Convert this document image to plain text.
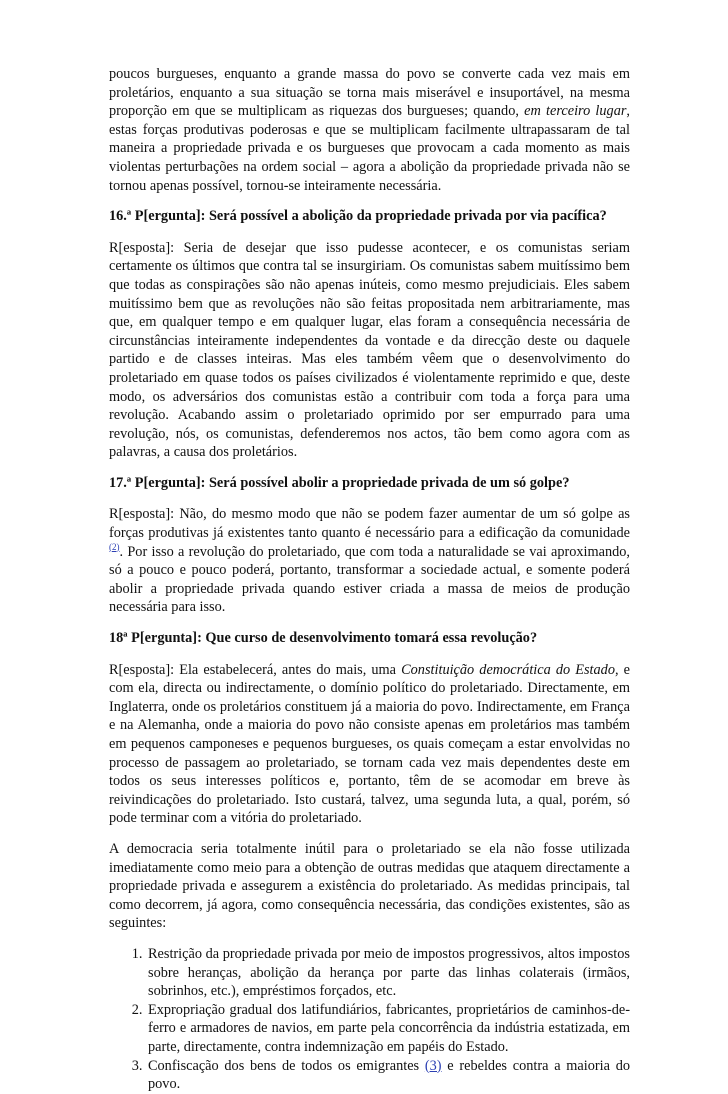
poucos burgueses, enquanto a grande massa do povo se converte cada vez mais em proletários, enquanto a sua situação se torna mais miserável e insuportável, na mesma proporção em que se multiplicam as riquezas dos burgueses; quando, em terceiro lugar, estas forças produtivas poderosas e que se multiplicam facilmente ultrapassaram de tal maneira a propriedade privada e os burgueses que provocam a cada momento as mais violentas perturbações na ordem social – agora a abolição da propriedade privada não se tornou apenas possível, tornou-se inteiramente necessária.

16.ª P[ergunta]: Será possível a abolição da propriedade privada por via pacífica?

R[esposta]: Seria de desejar que isso pudesse acontecer, e os comunistas seriam certamente os últimos que contra tal se insurgiriam. Os comunistas sabem muitíssimo bem que todas as conspirações são não apenas inúteis, como mesmo prejudiciais. Eles sabem muitíssimo bem que as revoluções não são feitas propositada nem arbitrariamente, mas que, em qualquer tempo e em qualquer lugar, elas foram a consequência necessária de circunstâncias inteiramente independentes da vontade e da direcção deste ou daquele partido e de classes inteiras. Mas eles também vêem que o desenvolvimento do proletariado em quase todos os países civilizados é violentamente reprimido e que, deste modo, os adversários dos comunistas estão a contribuir com toda a força para uma revolução. Acabando assim o proletariado oprimido por ser empurrado para uma revolução, nós, os comunistas, defenderemos nos actos, tão bem como agora com as palavras, a causa dos proletários.

17.ª P[ergunta]: Será possível abolir a propriedade privada de um só golpe?

R[esposta]: Não, do mesmo modo que não se podem fazer aumentar de um só golpe as forças produtivas já existentes tanto quanto é necessário para a edificação da comunidade $^{(2)}$. Por isso a revolução do proletariado, que com toda a naturalidade se vai aproximando, só a pouco e pouco poderá, portanto, transformar a sociedade actual, e somente poderá abolir a propriedade privada quando estiver criada a massa de meios de produção necessária para isso.

18ª P[ergunta]: Que curso de desenvolvimento tomará essa revolução?

R[esposta]: Ela estabelecerá, antes do mais, uma Constituição democrática do Estado, e com ela, directa ou indirectamente, o domínio político do proletariado. Directamente, em Inglaterra, onde os proletários constituem já a maioria do povo. Indirectamente, em França e na Alemanha, onde a maioria do povo não consiste apenas em proletários mas também em pequenos camponeses e pequenos burgueses, os quais começam a estar envolvidas no processo de passagem ao proletariado, se tornam cada vez mais dependentes deste em todos os seus interesses políticos e, portanto, têm de se acomodar em breve às reivindicações do proletariado. Isto custará, talvez, uma segunda luta, a qual, porém, só pode terminar com a vitória do proletariado.

A democracia seria totalmente inútil para o proletariado se ela não fosse utilizada imediatamente como meio para a obtenção de outras medidas que ataquem directamente a propriedade privada e assegurem a existência do proletariado. As medidas principais, tal como decorrem, já agora, como consequência necessária, das condições existentes, são as seguintes:

1. Restrição da propriedade privada por meio de impostos progressivos, altos impostos sobre heranças, abolição da herança por parte das linhas colaterais (irmãos, sobrinhos, etc.), empréstimos forçados, etc.
2. Expropriação gradual dos latifundiários, fabricantes, proprietários de caminhos-de-ferro e armadores de navios, em parte pela concorrência da indústria estatizada, em parte, directamente, contra indemnização em papéis do Estado.
3. Confiscação dos bens de todos os emigrantes (3) e rebeldes contra a maioria do povo.
